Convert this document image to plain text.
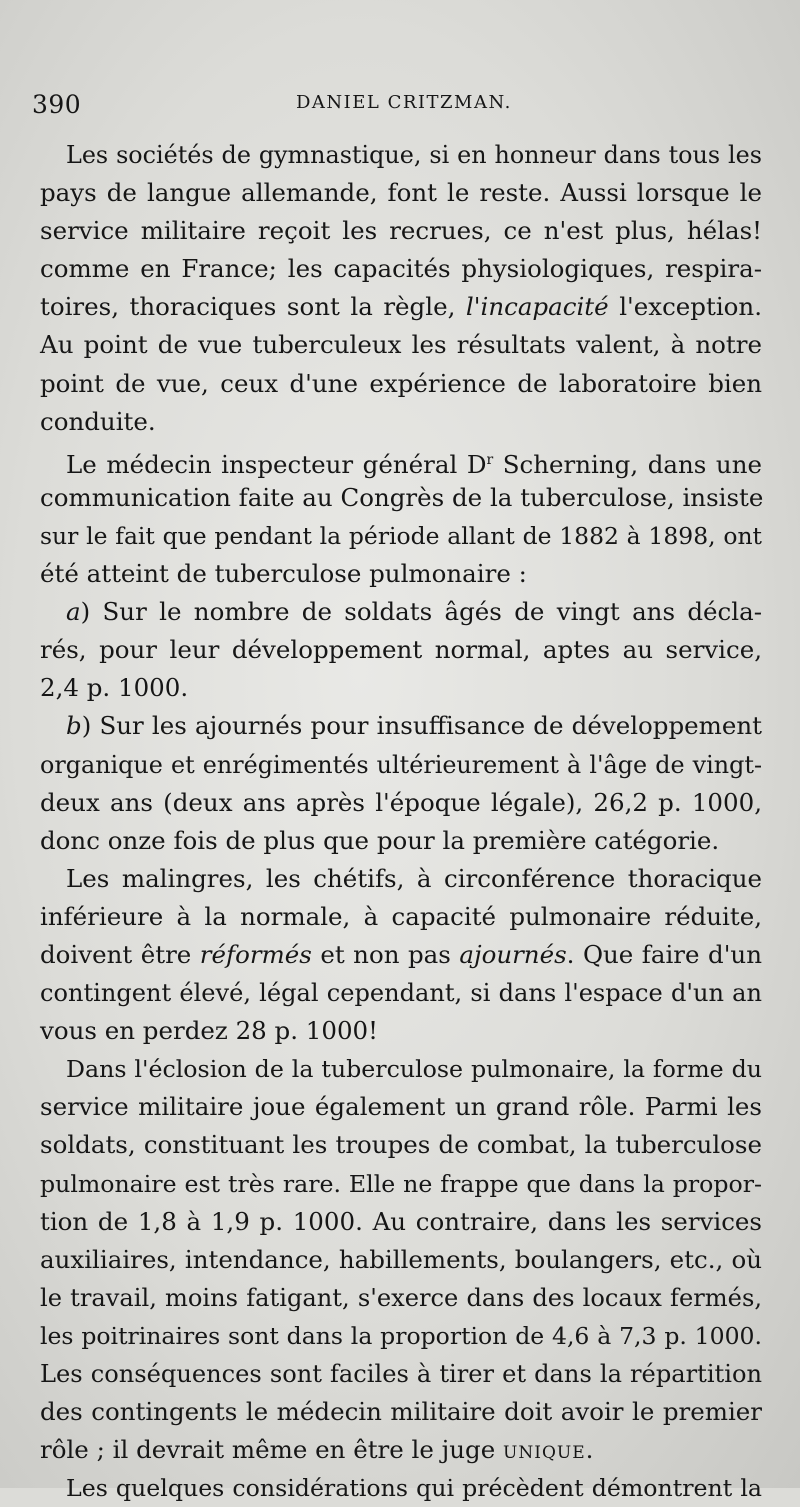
390	DANIEL CRITZMAN.
Les sociétés de gymnastique, si en honneur dans tous les
pays de langue allemande, font le reste. Aussi lorsque le
service militaire reçoit les recrues, ce n'est plus, hélas!
comme en France; les capacités physiologiques, respira-
toires, thoraciques sont la règle, l'incapacité l'exception.
Au point de vue tuberculeux les résultats valent, à notre
point de vue, ceux d'une expérience de laboratoire bien
conduite.
Le médecin inspecteur général $D^r$ Scherning, dans une
communication faite au Congrès de la tuberculose, insiste
sur le fait que pendant la période allant de 1882 à 1898, ont
été atteint de tuberculose pulmonaire :
a) Sur le nombre de soldats âgés de vingt ans décla-
rés, pour leur développement normal, aptes au service,
2,4 p. 1000.
b) Sur les ajournés pour insuffisance de développement
organique et enrégimentés ultérieurement à l'âge de vingt-
deux ans (deux ans après l'époque légale), 26,2 p. 1000,
donc onze fois de plus que pour la première catégorie.
Les malingres, les chétifs, à circonférence thoracique
inférieure à la normale, à capacité pulmonaire réduite,
doivent être réformés et non pas ajournés. Que faire d'un
contingent élevé, légal cependant, si dans l'espace d'un an
vous en perdez 28 p. 1000!
Dans l'éclosion de la tuberculose pulmonaire, la forme du
service militaire joue également un grand rôle. Parmi les
soldats, constituant les troupes de combat, la tuberculose
pulmonaire est très rare. Elle ne frappe que dans la propor-
tion de 1,8 à 1,9 p. 1000. Au contraire, dans les services
auxiliaires, intendance, habillements, boulangers, etc., où
le travail, moins fatigant, s'exerce dans des locaux fermés,
les poitrinaires sont dans la proportion de 4,6 à 7,3 p. 1000.
Les conséquences sont faciles à tirer et dans la répartition
des contingents le médecin militaire doit avoir le premier
rôle ; il devrait même en être le juge UNIQUE.
Les quelques considérations qui précèdent démontrent la
